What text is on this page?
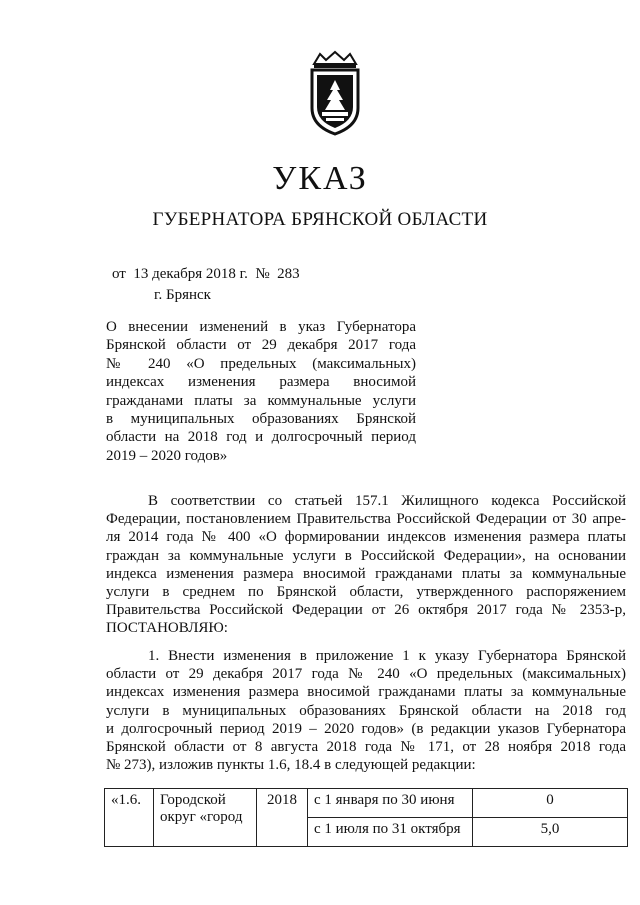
УКАЗ
ГУБЕРНАТОРА БРЯНСКОЙ ОБЛАСТИ
от  13 декабря 2018 г.  №  283
г. Брянск
О внесении изменений в указ Губернатора
Брянской области от 29 декабря 2017 года
№ 240 «О предельных (максимальных)
индексах изменения размера вносимой
гражданами платы за коммунальные услуги
в муниципальных образованиях Брянской
области на 2018 год и долгосрочный период
2019 – 2020 годов»
В соответствии со статьей 157.1 Жилищного кодекса Российской
Федерации, постановлением Правительства Российской Федерации от 30 апре-
ля 2014 года № 400 «О формировании индексов изменения размера платы
граждан за коммунальные услуги в Российской Федерации», на основании
индекса изменения размера вносимой гражданами платы за коммунальные
услуги в среднем по Брянской области, утвержденного распоряжением
Правительства Российской Федерации от 26 октября 2017 года № 2353-р,
ПОСТАНОВЛЯЮ:
1. Внести изменения в приложение 1 к указу Губернатора Брянской
области от 29 декабря 2017 года № 240 «О предельных (максимальных)
индексах изменения размера вносимой гражданами платы за коммунальные
услуги в муниципальных образованиях Брянской области на 2018 год
и долгосрочный период 2019 – 2020 годов» (в редакции указов Губернатора
Брянской области от 8 августа 2018 года № 171, от 28 ноября 2018 года
№ 273), изложив пункты 1.6, 18.4 в следующей редакции:
«1.6.	Городской
округ «город	2018	с 1 января по 30 июня	0
			с 1 июля по 31 октября	5,0
